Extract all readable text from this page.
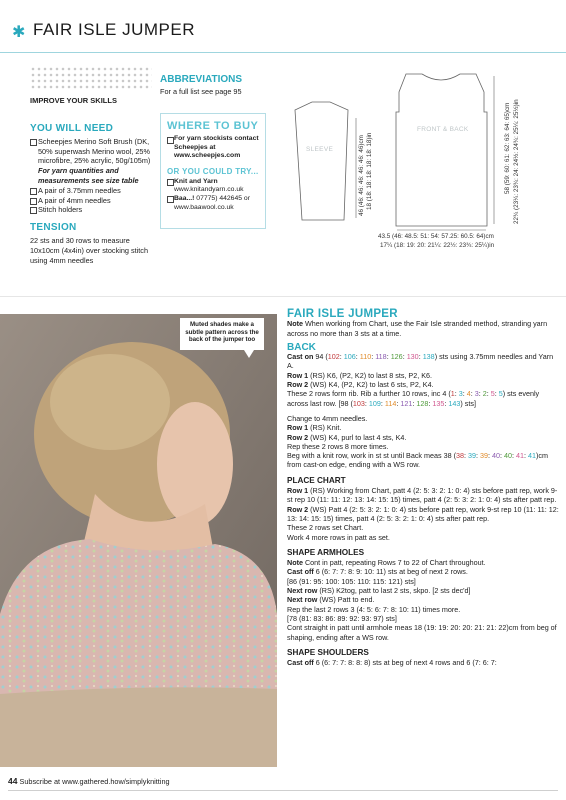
✱ FAIR ISLE JUMPER
IMPROVE YOUR SKILLS
YOU WILL NEED
Scheepjes Merino Soft Brush (DK, 50% superwash Merino wool, 25% microfibre, 25% acrylic, 50g/105m)
For yarn quantities and measurements see size table
A pair of 3.75mm needles
A pair of 4mm needles
Stitch holders
TENSION
22 sts and 30 rows to measure 10x10cm (4x4in) over stocking stitch using 4mm needles
ABBREVIATIONS
For a full list see page 95
WHERE TO BUY
For yarn stockists contact Scheepjes at www.scheepjes.com
OR YOU COULD TRY...
Knit and Yarn
www.knitandyarn.co.uk
Baa...! 07775) 442645 or www.baawool.co.uk
SLEEVE
FRONT & BACK
46 (46: 46: 46: 46: 46: 46)cm 18 (18: 18: 18: 18: 18: 18)in	58 (59: 60: 61: 62: 63: 64: 65)cm 22¾ (23¼: 23¾: 24: 24½: 24¾: 25¼: 25½)in
43.5 (46: 48.5: 51: 54: 57.25: 60.5: 64)cm
17¼ (18: 19: 20: 21¼: 22½: 23¾: 25¼)in
Muted shades make a subtle pattern across the back of the jumper too
FAIR ISLE JUMPER

Note When working from Chart, use the Fair Isle stranded method, stranding yarn across no more than 3 sts at a time.

BACK

Cast on 94 (102: 106: 110: 118: 126: 130: 138) sts using 3.75mm needles and Yarn A.

Row 1 (RS) K6, (P2, K2) to last 8 sts, P2, K6.

Row 2 (WS) K4, (P2, K2) to last 6 sts, P2, K4.

These 2 rows form rib. Rib a further 10 rows, inc 4 (1: 3: 4: 3: 2: 5: 5) sts evenly across last row. [98 (103: 109: 114: 121: 128: 135: 143) sts]

Change to 4mm needles.

Row 1 (RS) Knit.

Row 2 (WS) K4, purl to last 4 sts, K4.

Rep these 2 rows 8 more times.

Beg with a knit row, work in st st until Back meas 38 (38: 39: 39: 40: 40: 41: 41)cm from cast-on edge, ending with a WS row.

PLACE CHART

Row 1 (RS) Working from Chart, patt 4 (2: 5: 3: 2: 1: 0: 4) sts before patt rep, work 9-st rep 10 (11: 11: 12: 13: 14: 15: 15) times, patt 4 (2: 5: 3: 2: 1: 0: 4) sts after patt rep.

Row 2 (WS) Patt 4 (2: 5: 3: 2: 1: 0: 4) sts before patt rep, work 9-st rep 10 (11: 11: 12: 13: 14: 15: 15) times, patt 4 (2: 5: 3: 2: 1: 0: 4) sts after patt rep.

These 2 rows set Chart.

Work 4 more rows in patt as set.

SHAPE ARMHOLES

Note Cont in patt, repeating Rows 7 to 22 of Chart throughout.

Cast off 6 (6: 7: 7: 8: 9: 10: 11) sts at beg of next 2 rows.

[86 (91: 95: 100: 105: 110: 115: 121) sts]

Next row (RS) K2tog, patt to last 2 sts, skpo. [2 sts dec'd]

Next row (WS) Patt to end.

Rep the last 2 rows 3 (4: 5: 6: 7: 8: 10: 11) times more.

[78 (81: 83: 86: 89: 92: 93: 97) sts]

Cont straight in patt until armhole meas 18 (19: 19: 20: 20: 21: 21: 22)cm from beg of shaping, ending after a WS row.

SHAPE SHOULDERS

Cast off 6 (6: 7: 7: 8: 8: 8) sts at beg of next 4 rows and 6 (7: 6: 7:

44 Subscribe at www.gathered.how/simplyknitting
